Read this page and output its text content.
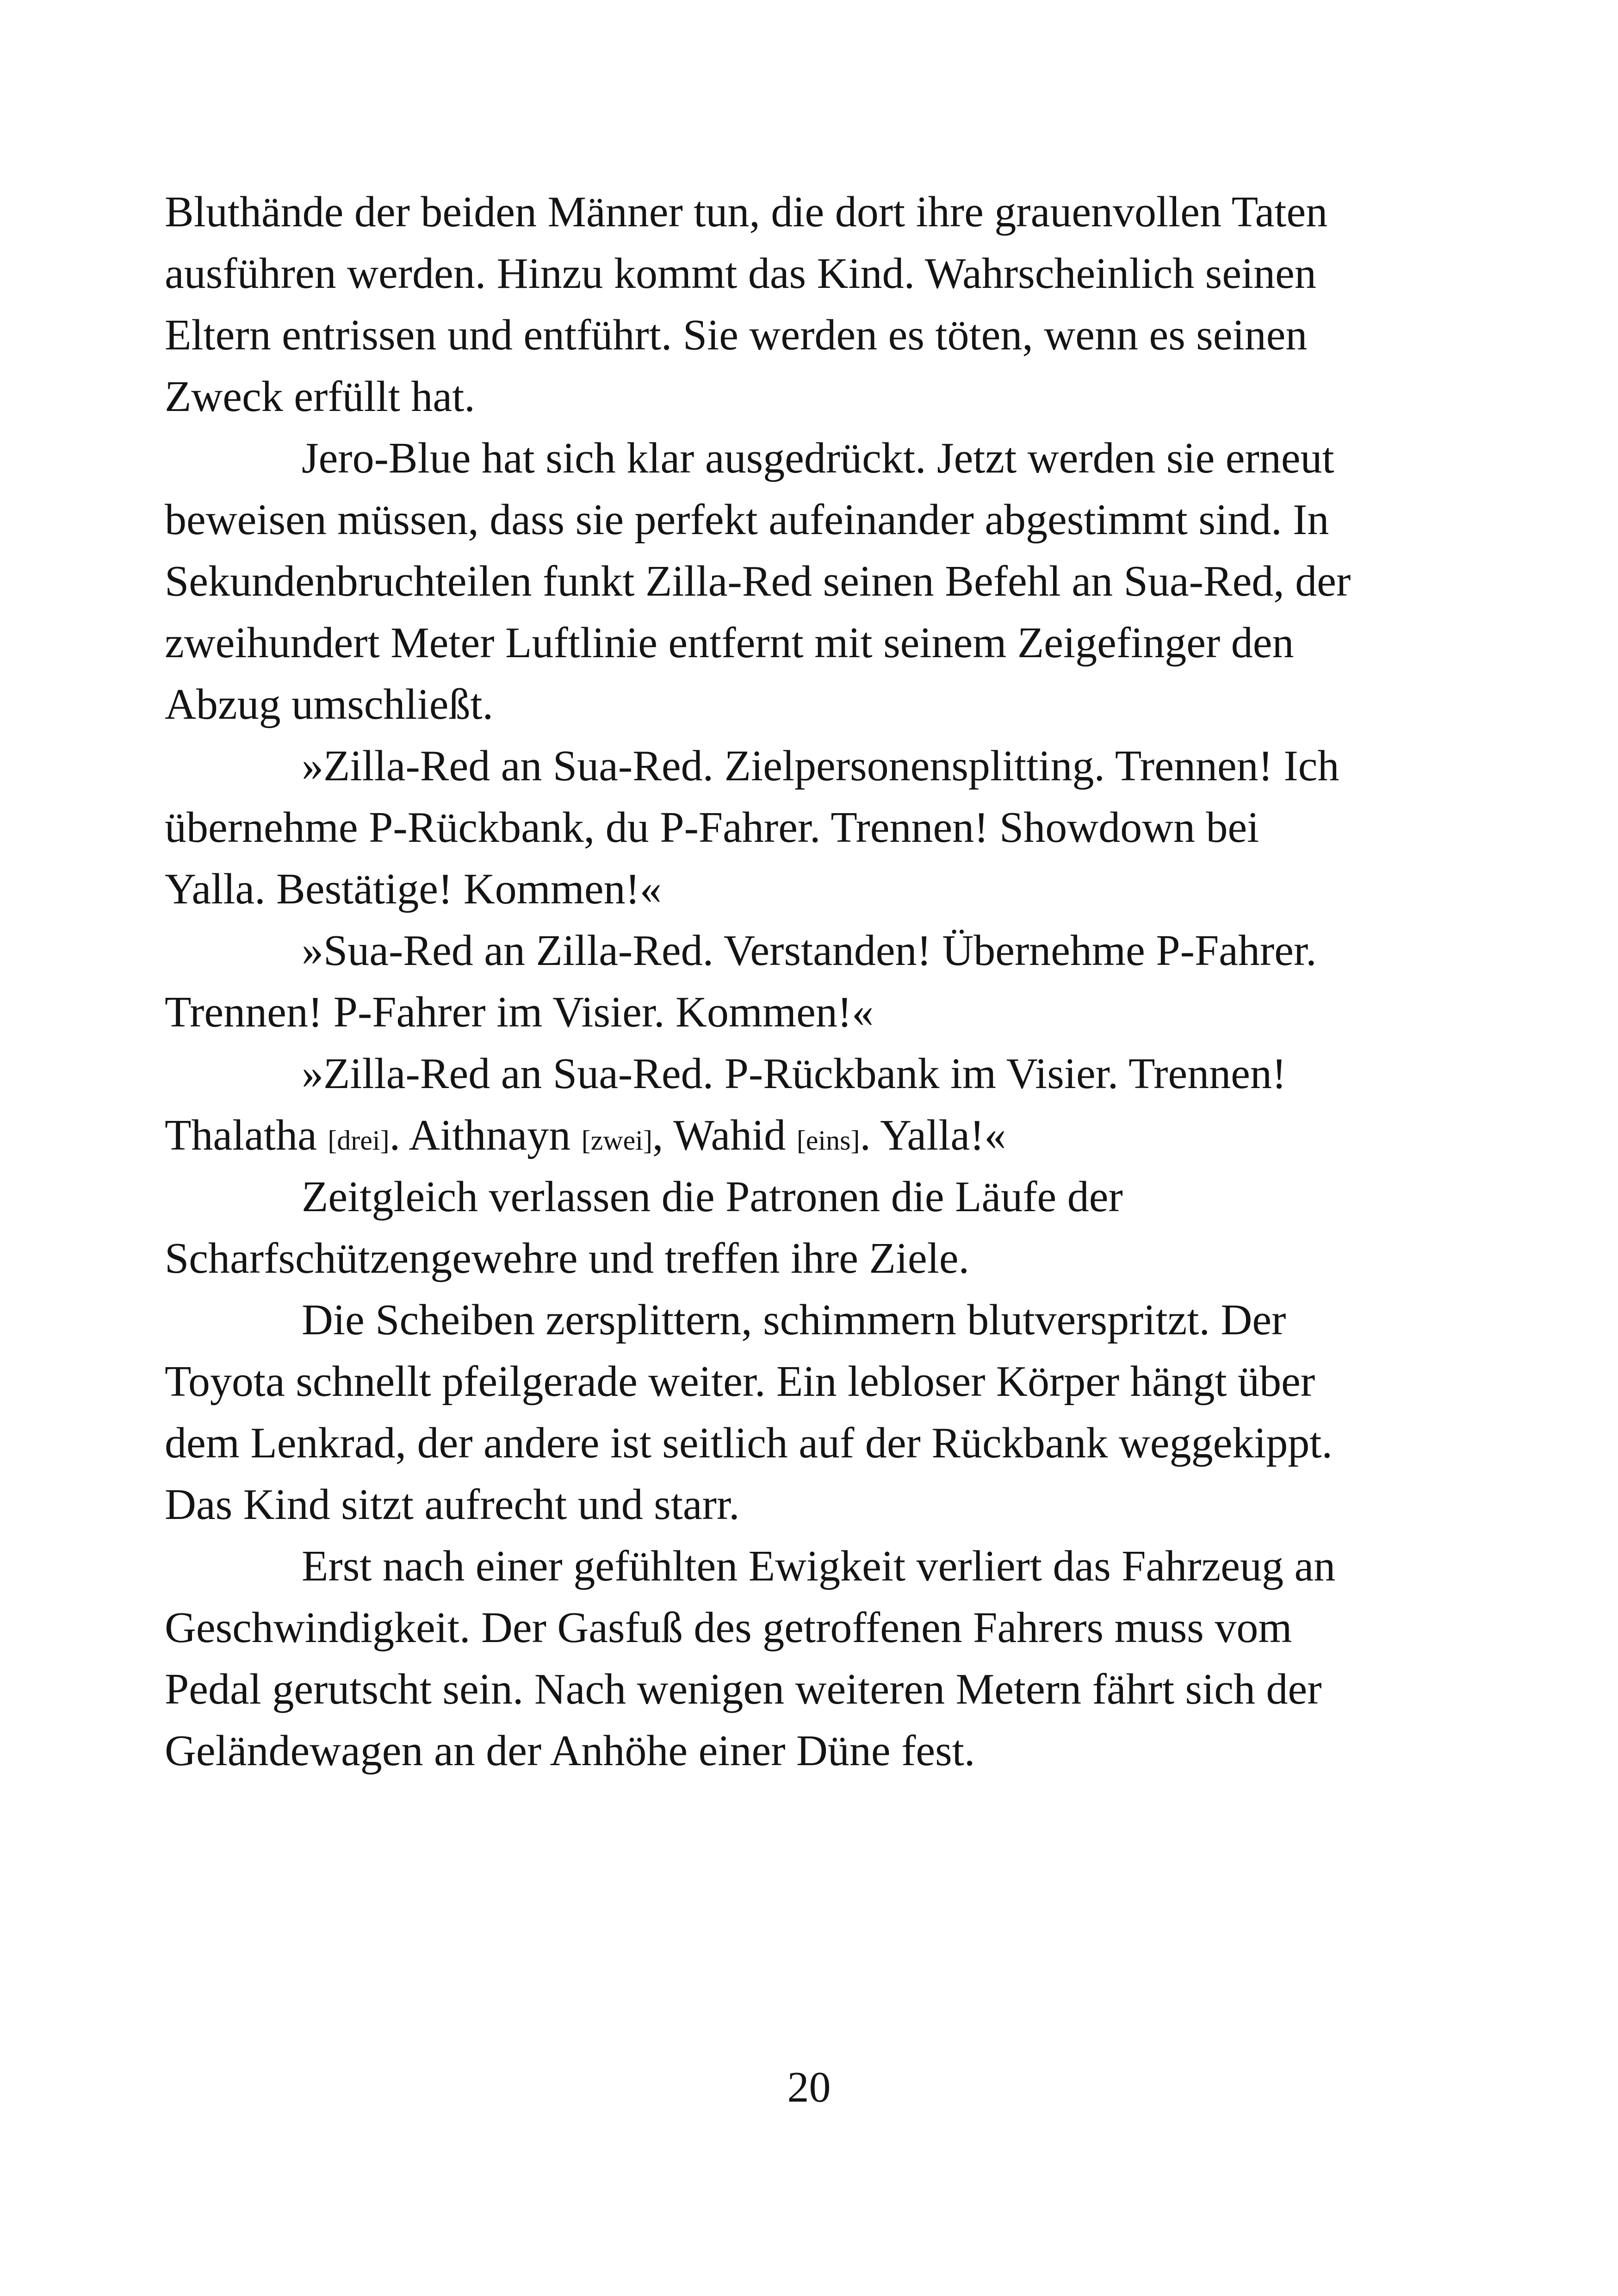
Bluthände der beiden Männer tun, die dort ihre grauenvollen Taten
ausführen werden. Hinzu kommt das Kind. Wahrscheinlich seinen
Eltern entrissen und entführt. Sie werden es töten, wenn es seinen
Zweck erfüllt hat.

Jero-Blue hat sich klar ausgedrückt. Jetzt werden sie erneut
beweisen müssen, dass sie perfekt aufeinander abgestimmt sind. In
Sekundenbruchteilen funkt Zilla-Red seinen Befehl an Sua-Red, der
zweihundert Meter Luftlinie entfernt mit seinem Zeigefinger den
Abzug umschließt.

»Zilla-Red an Sua-Red. Zielpersonensplitting. Trennen! Ich
übernehme P-Rückbank, du P-Fahrer. Trennen! Showdown bei
Yalla. Bestätige! Kommen!«

»Sua-Red an Zilla-Red. Verstanden! Übernehme P-Fahrer.
Trennen! P-Fahrer im Visier. Kommen!«

»Zilla-Red an Sua-Red. P-Rückbank im Visier. Trennen!
Thalatha [drei]. Aithnayn [zwei], Wahid [eins]. Yalla!«

Zeitgleich verlassen die Patronen die Läufe der
Scharfschützengewehre und treffen ihre Ziele.

Die Scheiben zersplittern, schimmern blutverspritzt. Der
Toyota schnellt pfeilgerade weiter. Ein lebloser Körper hängt über
dem Lenkrad, der andere ist seitlich auf der Rückbank weggekippt.
Das Kind sitzt aufrecht und starr.

Erst nach einer gefühlten Ewigkeit verliert das Fahrzeug an
Geschwindigkeit. Der Gasfuß des getroffenen Fahrers muss vom
Pedal gerutscht sein. Nach wenigen weiteren Metern fährt sich der
Geländewagen an der Anhöhe einer Düne fest.

20
